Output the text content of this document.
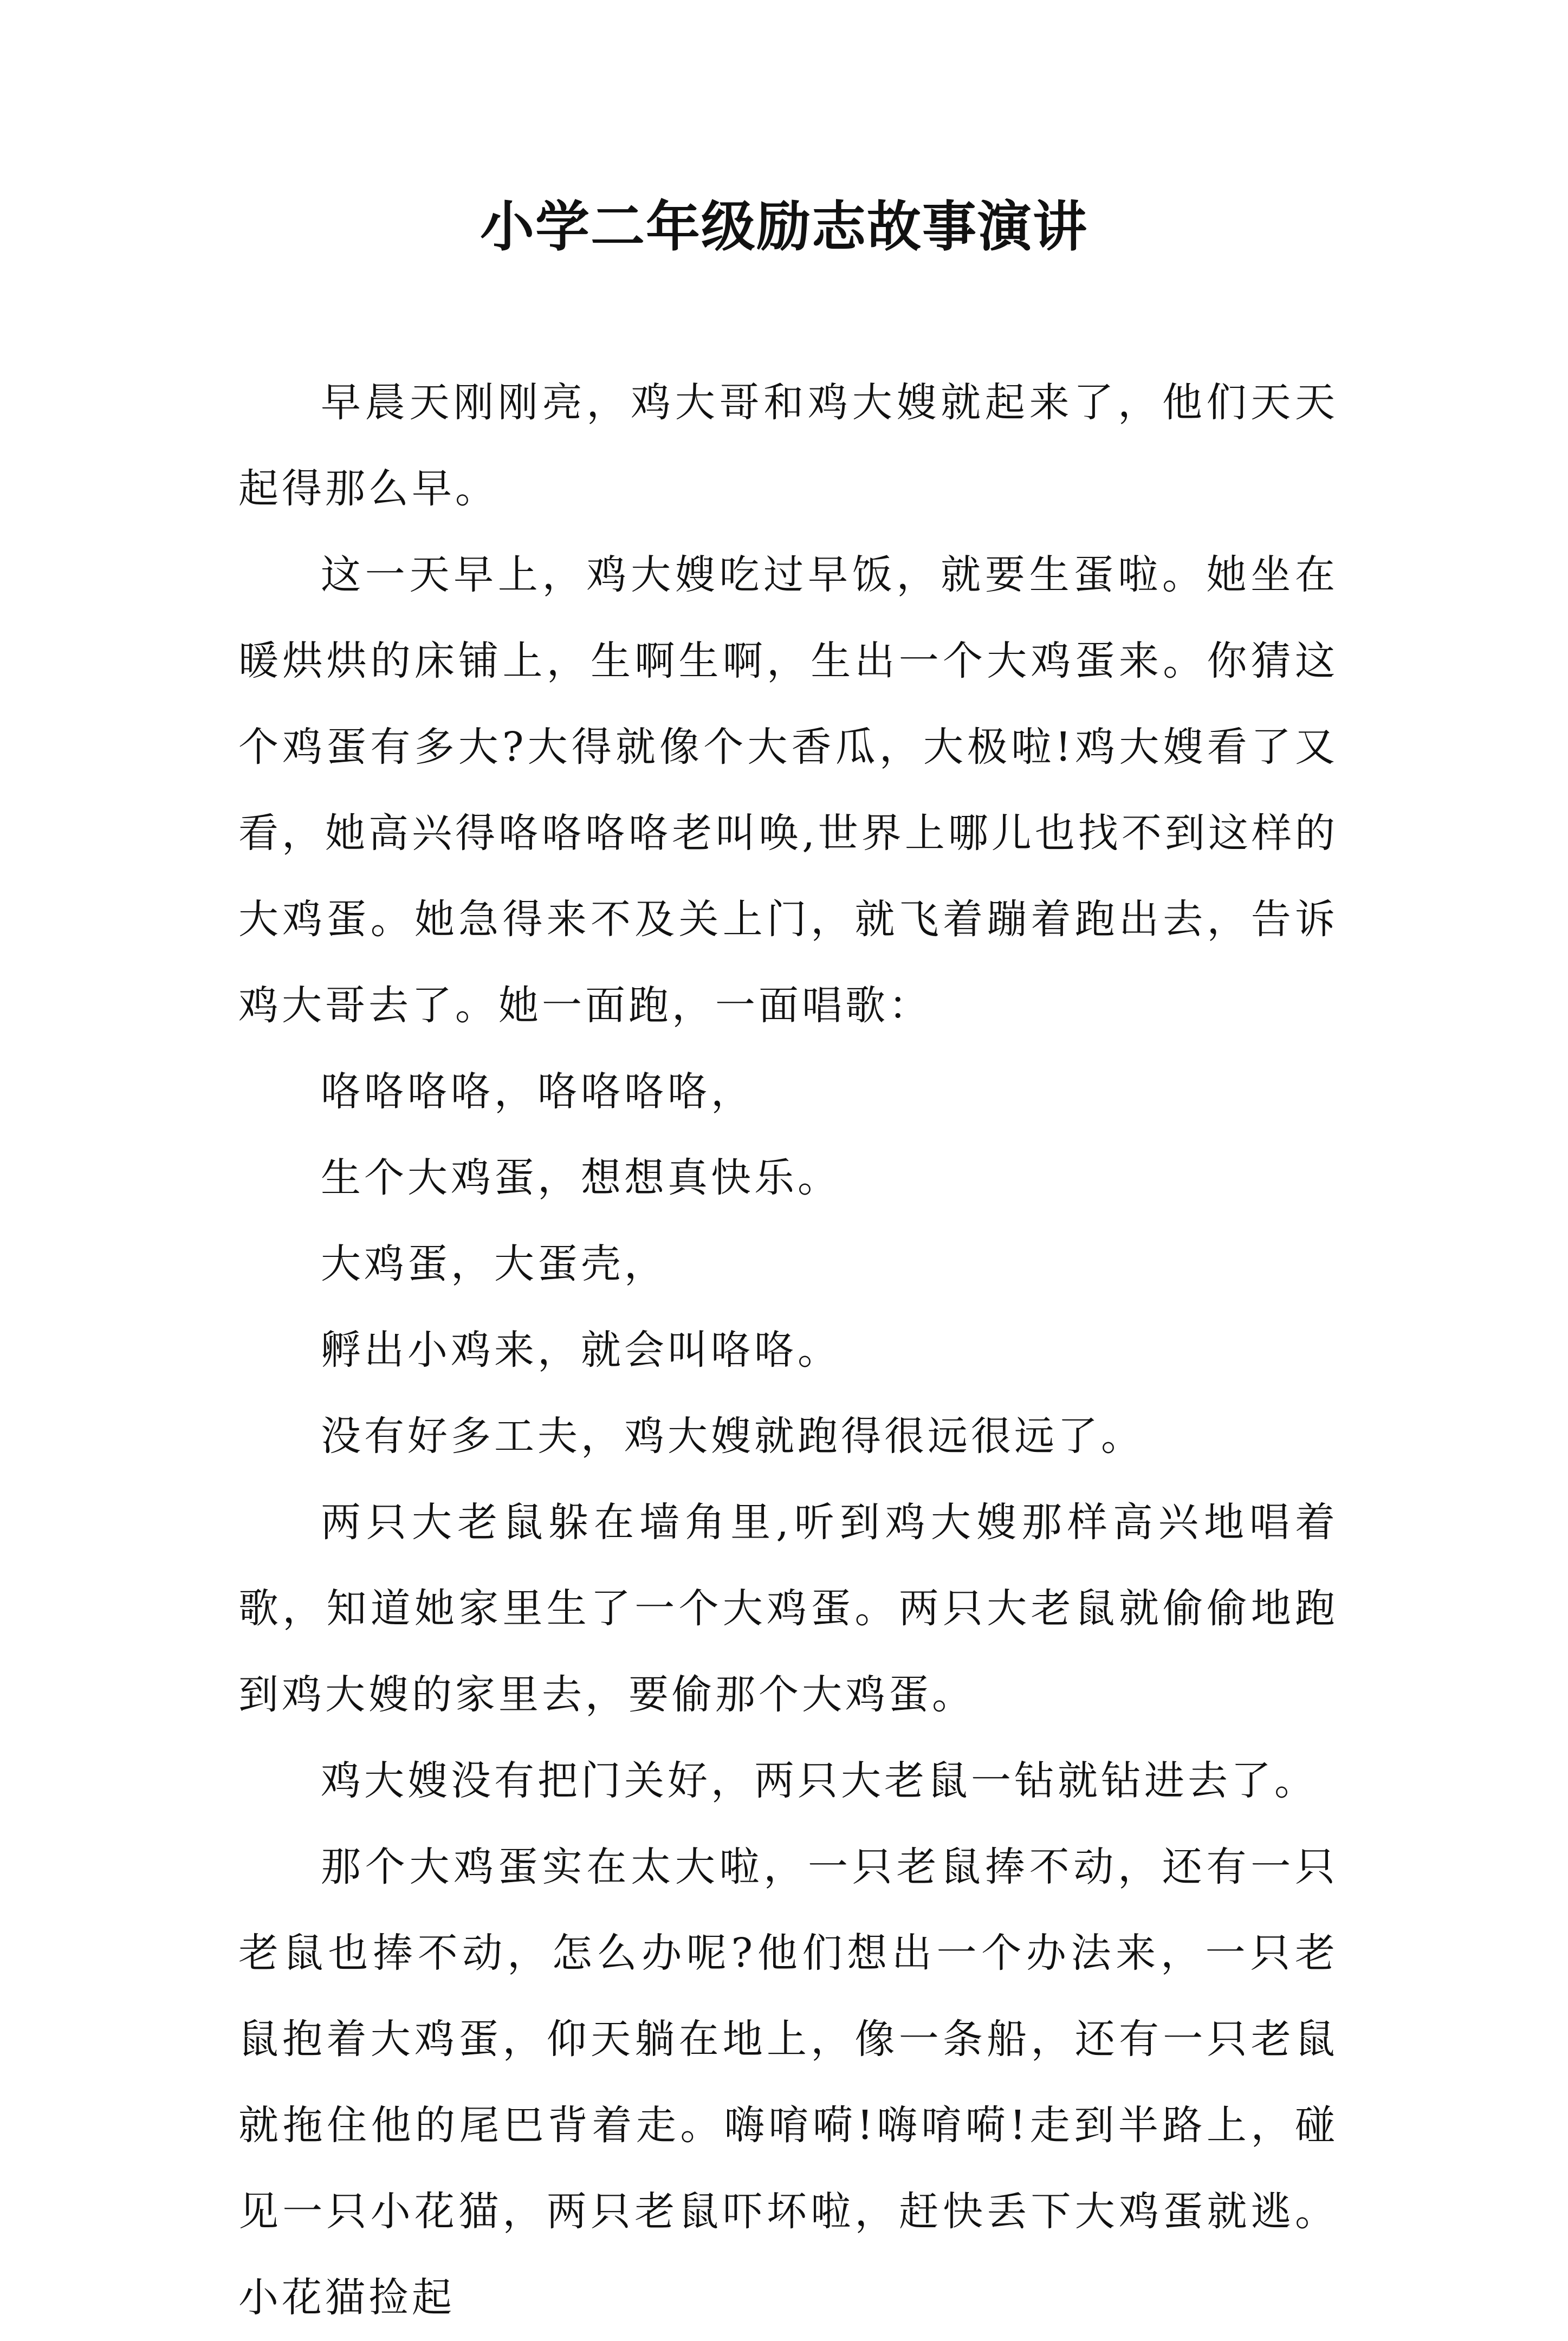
小学二年级励志故事演讲

早晨天刚刚亮，鸡大哥和鸡大嫂就起来了，他们天天起得那么早。

这一天早上，鸡大嫂吃过早饭，就要生蛋啦。她坐在暖烘烘的床铺上，生啊生啊，生出一个大鸡蛋来。你猜这个鸡蛋有多大?大得就像个大香瓜，大极啦!鸡大嫂看了又看，她高兴得咯咯咯咯老叫唤,世界上哪儿也找不到这样的大鸡蛋。她急得来不及关上门，就飞着蹦着跑出去，告诉鸡大哥去了。她一面跑，一面唱歌：

咯咯咯咯，咯咯咯咯，

生个大鸡蛋，想想真快乐。

大鸡蛋，大蛋壳，

孵出小鸡来，就会叫咯咯。

没有好多工夫，鸡大嫂就跑得很远很远了。

两只大老鼠躲在墙角里,听到鸡大嫂那样高兴地唱着歌，知道她家里生了一个大鸡蛋。两只大老鼠就偷偷地跑到鸡大嫂的家里去，要偷那个大鸡蛋。

鸡大嫂没有把门关好，两只大老鼠一钻就钻进去了。

那个大鸡蛋实在太大啦，一只老鼠捧不动，还有一只老鼠也捧不动，怎么办呢?他们想出一个办法来，一只老鼠抱着大鸡蛋，仰天躺在地上，像一条船，还有一只老鼠就拖住他的尾巴背着走。嗨唷嗬!嗨唷嗬!走到半路上，碰见一只小花猫，两只老鼠吓坏啦，赶快丢下大鸡蛋就逃。小花猫捡起
